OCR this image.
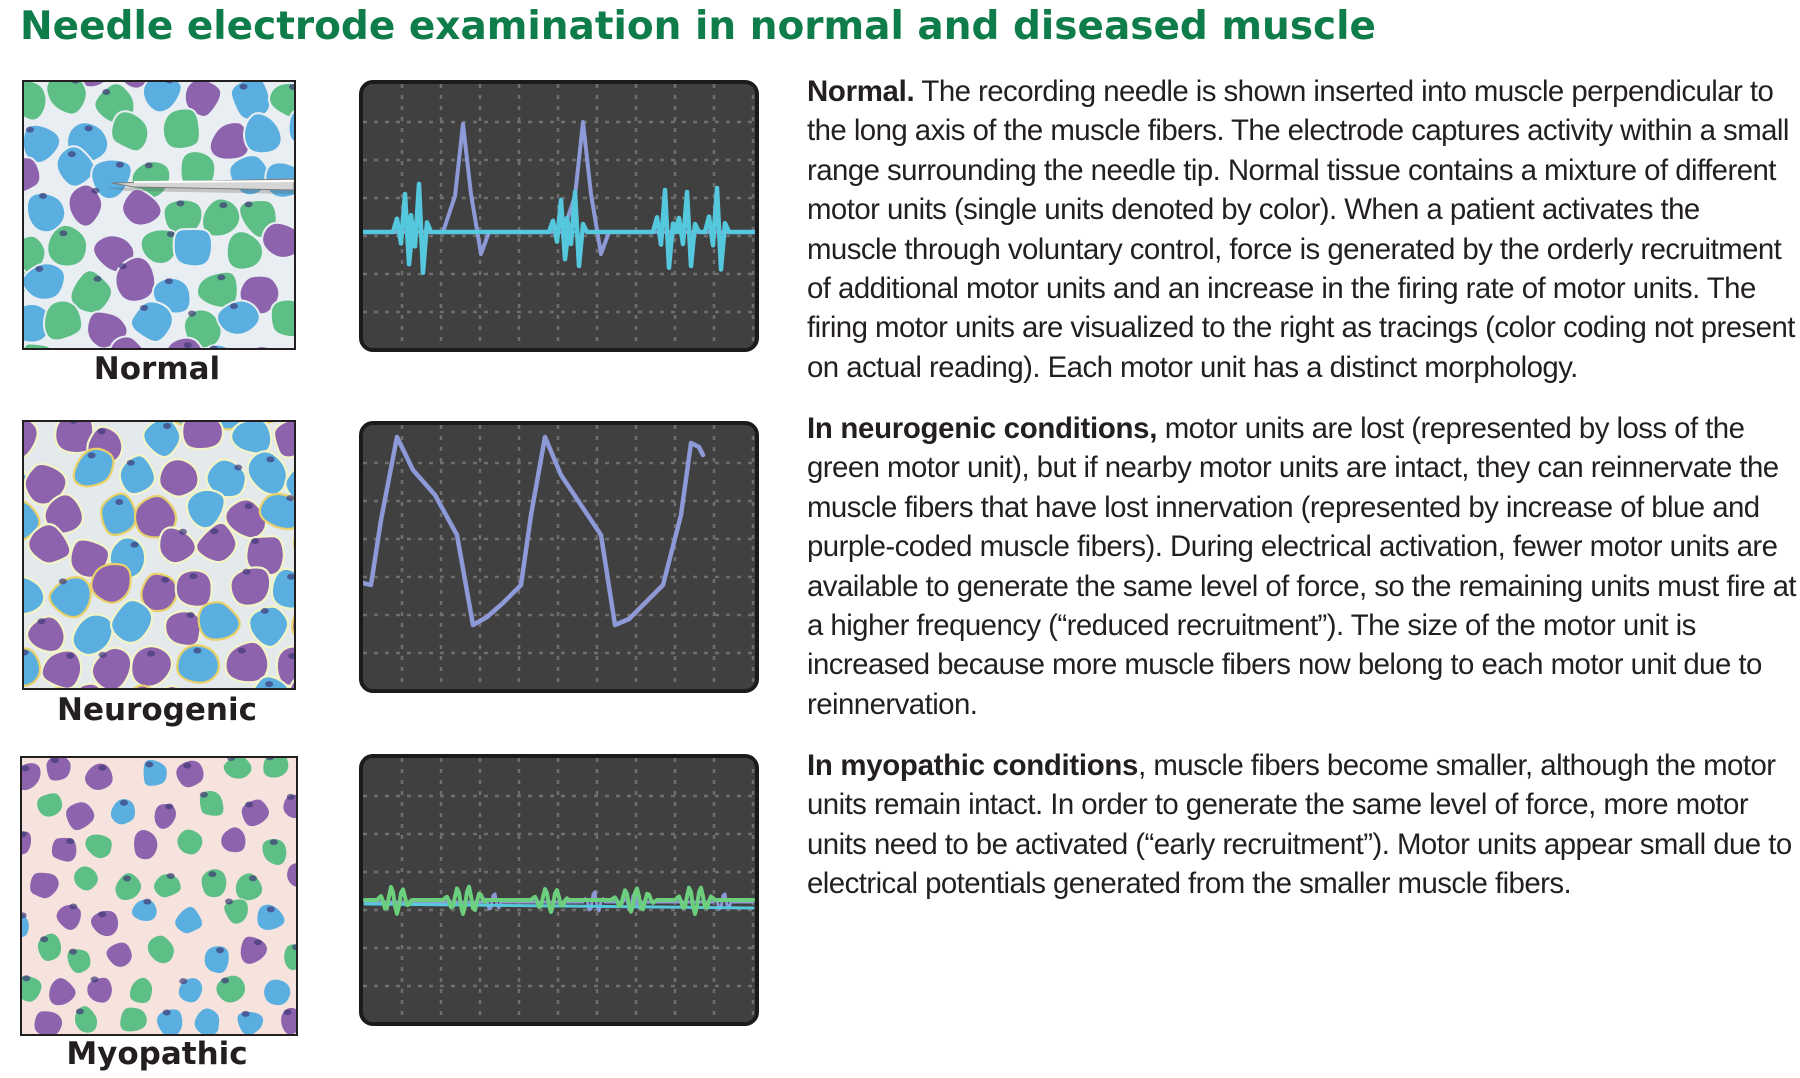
Needle electrode examination in normal and diseased muscle
Normal
Neurogenic
Myopathic
Normal. The recording needle is shown inserted into muscle perpendicular to the long axis of the muscle fibers. The electrode captures activity within a small range surrounding the needle tip. Normal tissue contains a mixture of different motor units (single units denoted by color). When a patient activates the muscle through voluntary control, force is generated by the orderly recruitment of additional motor units and an increase in the firing rate of motor units. The firing motor units are visualized to the right as tracings (color coding not present on actual reading). Each motor unit has a distinct morphology.
In neurogenic conditions, motor units are lost (represented by loss of the green motor unit), but if nearby motor units are intact, they can reinnervate the muscle fibers that have lost innervation (represented by increase of blue and purple-coded muscle fibers). During electrical activation, fewer motor units are available to generate the same level of force, so the remaining units must fire at a higher frequency (“reduced recruitment”). The size of the motor unit is increased because more muscle fibers now belong to each motor unit due to reinnervation.
In myopathic conditions, muscle fibers become smaller, although the motor units remain intact. In order to generate the same level of force, more motor units need to be activated (“early recruitment”). Motor units appear small due to electrical potentials generated from the smaller muscle fibers.
